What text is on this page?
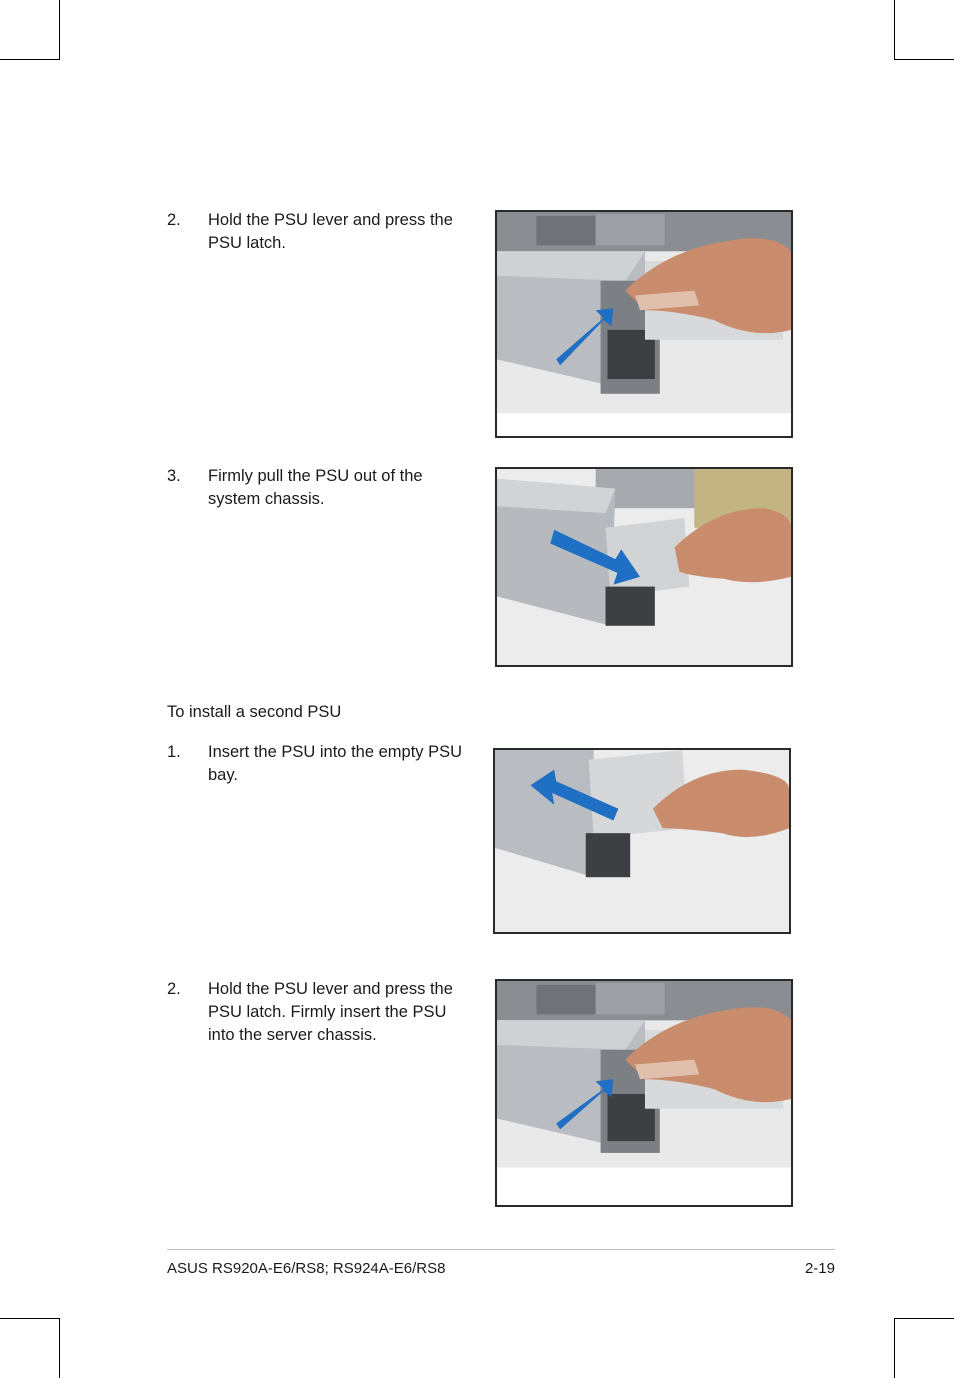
2. Hold the PSU lever and press the PSU latch.
3. Firmly pull the PSU out of the system chassis.
To install a second PSU
1. Insert the PSU into the empty PSU bay.
2. Hold the PSU lever and press the PSU latch. Firmly insert the PSU into the server chassis.
ASUS RS920A-E6/RS8; RS924A-E6/RS8	2-19
